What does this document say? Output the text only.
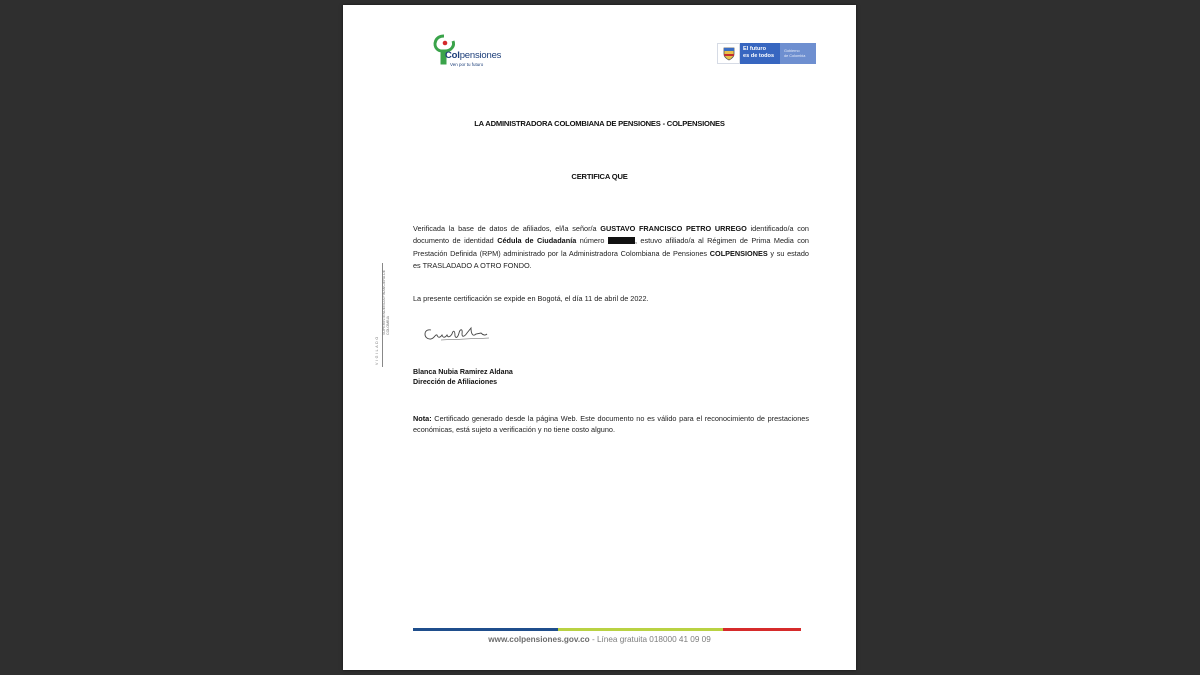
Colpensiones
Ven por tu futuro
El futuro
es de todos
Gobierno
de Colombia
LA ADMINISTRADORA COLOMBIANA DE PENSIONES - COLPENSIONES
CERTIFICA QUE
VIGILADO
SUPERINTENDENCIA FINANCIERA DE COLOMBIA
Verificada la base de datos de afiliados, el/la señor/a GUSTAVO FRANCISCO PETRO URREGO identificado/a con documento de identidad Cédula de Ciudadanía número	, estuvo afiliado/a al Régimen de Prima Media con Prestación Definida (RPM) administrado por la Administradora Colombiana de Pensiones COLPENSIONES y su estado es TRASLADADO A OTRO FONDO.
La presente certificación se expide en Bogotá, el día 11 de abril de 2022.
Blanca Nubia Ramirez Aldana
Dirección de Afiliaciones
Nota: Certificado generado desde la página Web. Este documento no es válido para el reconocimiento de prestaciones económicas, está sujeto a verificación y no tiene costo alguno.
www.colpensiones.gov.co - Línea gratuita 018000 41 09 09
